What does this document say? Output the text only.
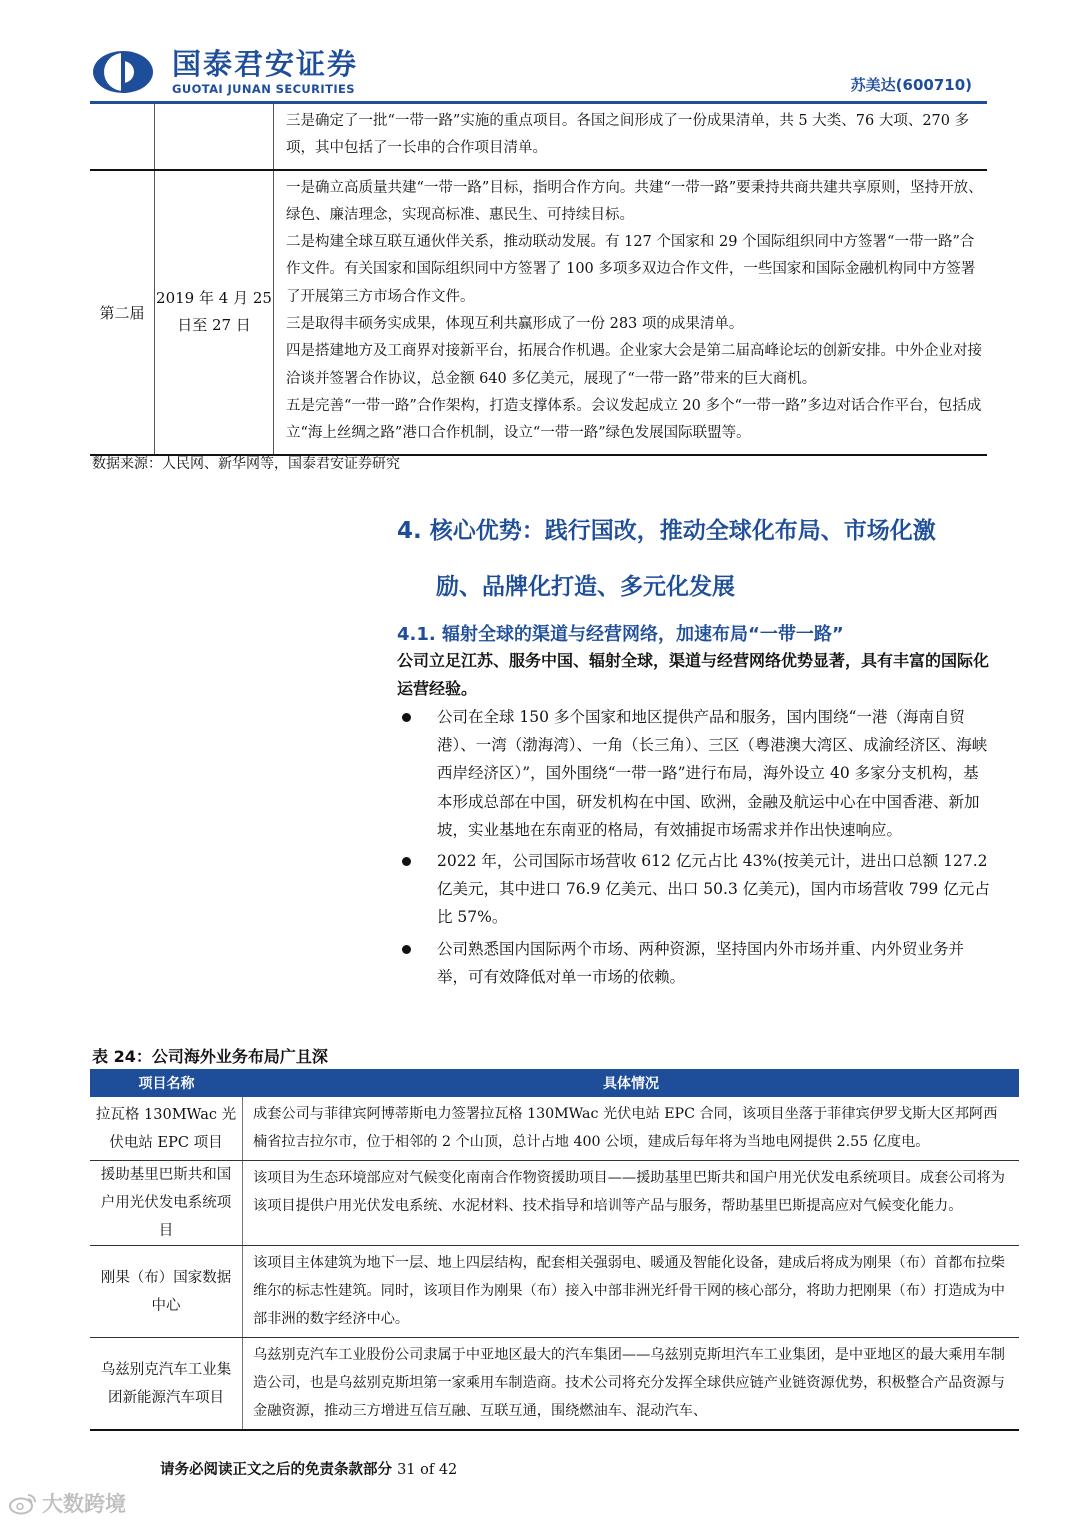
国泰君安证券
GUOTAI JUNAN SECURITIES	苏美达(600710)

三是确定了一批“一带一路”实施的重点项目。各国之间形成了一份成果清单，共 5 大类、76 大项、270 多项，其中包括了一长串的合作项目清单。

第二届
2019 年 4 月 25 日至 27 日

一是确立高质量共建“一带一路”目标，指明合作方向。共建“一带一路”要秉持共商共建共享原则，坚持开放、绿色、廉洁理念，实现高标准、惠民生、可持续目标。

二是构建全球互联互通伙伴关系，推动联动发展。有 127 个国家和 29 个国际组织同中方签署“一带一路”合作文件。有关国家和国际组织同中方签署了 100 多项多双边合作文件，一些国家和国际金融机构同中方签署了开展第三方市场合作文件。

三是取得丰硕务实成果，体现互利共赢形成了一份 283 项的成果清单。

四是搭建地方及工商界对接新平台，拓展合作机遇。企业家大会是第二届高峰论坛的创新安排。中外企业对接洽谈并签署合作协议，总金额 640 多亿美元，展现了“一带一路”带来的巨大商机。

五是完善“一带一路”合作架构，打造支撑体系。会议发起成立 20 多个“一带一路”多边对话合作平台，包括成立“海上丝绸之路”港口合作机制，设立“一带一路”绿色发展国际联盟等。

数据来源：人民网、新华网等，国泰君安证券研究
4. 核心优势：践行国改，推动全球化布局、市场化激
励、品牌化打造、多元化发展
4.1. 辐射全球的渠道与经营网络，加速布局“一带一路”
公司立足江苏、服务中国、辐射全球，渠道与经营网络优势显著，具有丰富的国际化运营经验。
公司在全球 150 多个国家和地区提供产品和服务，国内围绕“一港（海南自贸港）、一湾（渤海湾）、一角（长三角）、三区（粤港澳大湾区、成渝经济区、海峡西岸经济区）”，国外围绕“一带一路”进行布局，海外设立 40 多家分支机构，基本形成总部在中国，研发机构在中国、欧洲，金融及航运中心在中国香港、新加坡，实业基地在东南亚的格局，有效捕捉市场需求并作出快速响应。
2022 年，公司国际市场营收 612 亿元占比 43%(按美元计，进出口总额 127.2 亿美元，其中进口 76.9 亿美元、出口 50.3 亿美元)，国内市场营收 799 亿元占比 57%。
公司熟悉国内国际两个市场、两种资源，坚持国内外市场并重、内外贸业务并举，可有效降低对单一市场的依赖。
表 24：公司海外业务布局广且深
项目名称	具体情况
拉瓦格 130MWac 光伏电站 EPC 项目
成套公司与菲律宾阿博蒂斯电力签署拉瓦格 130MWac 光伏电站 EPC 合同，该项目坐落于菲律宾伊罗戈斯大区邦阿西楠省拉吉拉尔市，位于相邻的 2 个山顶，总计占地 400 公顷，建成后每年将为当地电网提供 2.55 亿度电。
援助基里巴斯共和国户用光伏发电系统项目
该项目为生态环境部应对气候变化南南合作物资援助项目——援助基里巴斯共和国户用光伏发电系统项目。成套公司将为该项目提供户用光伏发电系统、水泥材料、技术指导和培训等产品与服务，帮助基里巴斯提高应对气候变化能力。
刚果（布）国家数据中心
该项目主体建筑为地下一层、地上四层结构，配套相关强弱电、暖通及智能化设备，建成后将成为刚果（布）首都布拉柴维尔的标志性建筑。同时，该项目作为刚果（布）接入中部非洲光纤骨干网的核心部分，将助力把刚果（布）打造成为中部非洲的数字经济中心。
乌兹别克汽车工业集团新能源汽车项目
乌兹别克汽车工业股份公司隶属于中亚地区最大的汽车集团——乌兹别克斯坦汽车工业集团，是中亚地区的最大乘用车制造公司，也是乌兹别克斯坦第一家乘用车制造商。技术公司将充分发挥全球供应链产业链资源优势，积极整合产品资源与金融资源，推动三方增进互信互融、互联互通，围绕燃油车、混动汽车、
请务必阅读正文之后的免责条款部分 31 of 42
大数跨境
